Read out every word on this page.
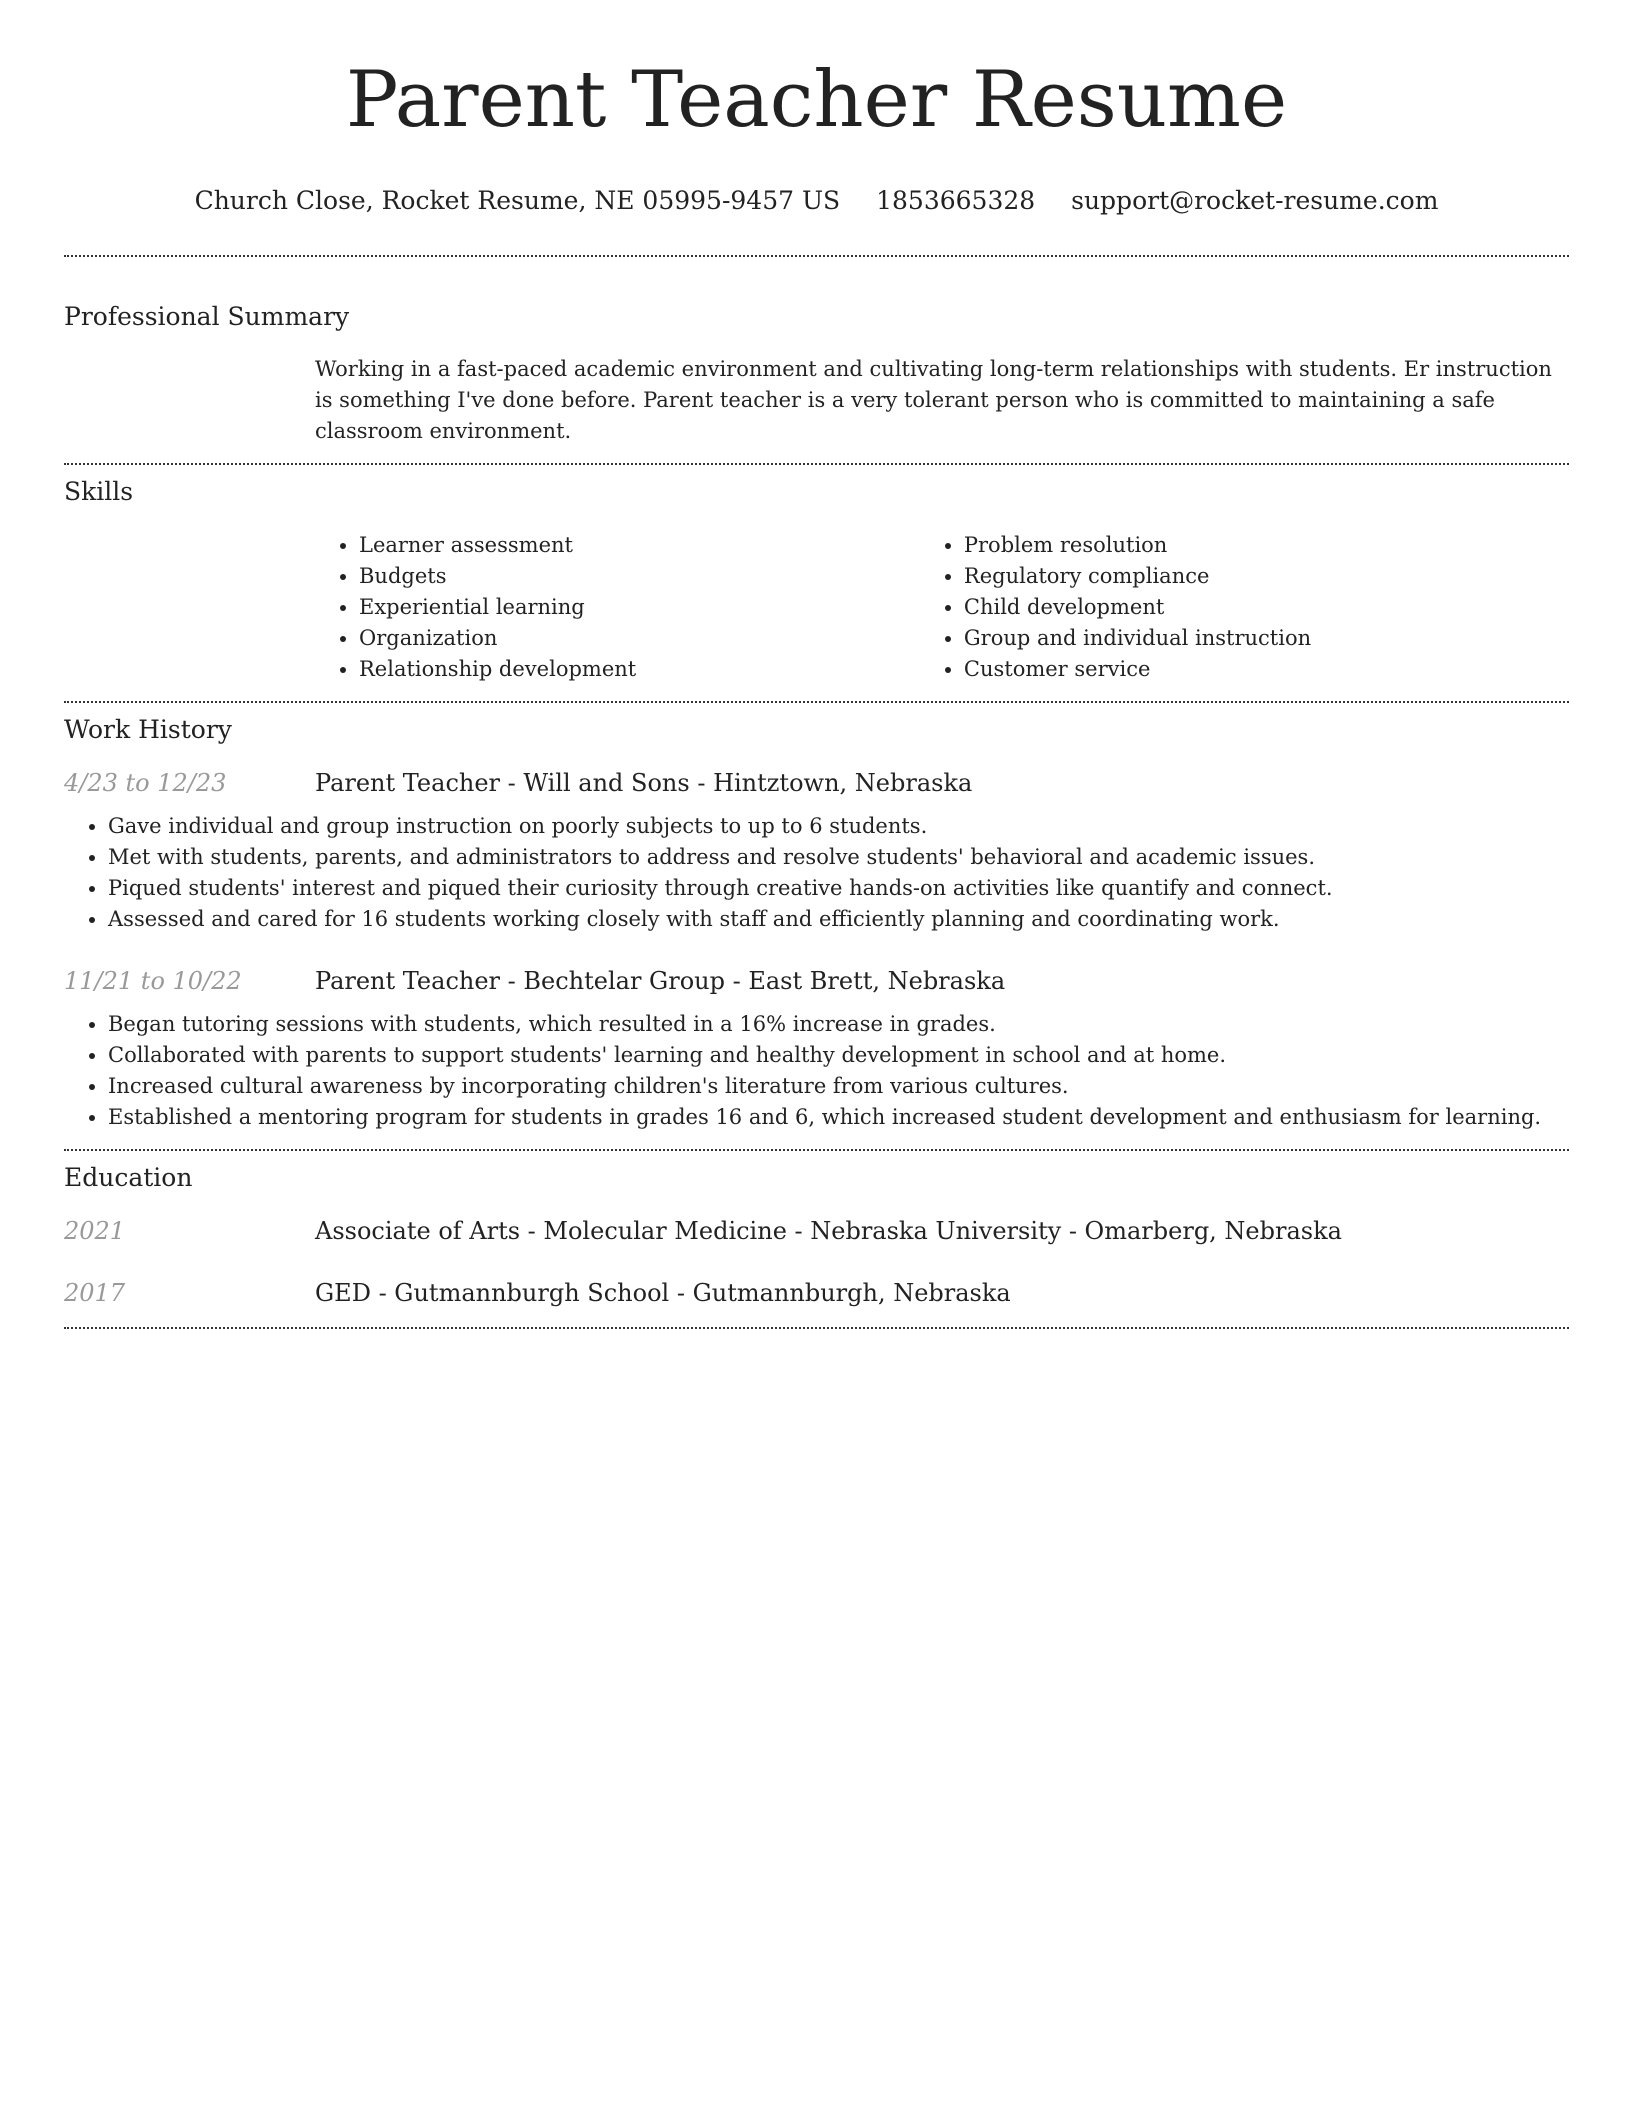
Parent Teacher Resume
Church Close, Rocket Resume, NE 05995-9457 US 1853665328 support@rocket-resume.com
Professional Summary
Working in a fast-paced academic environment and cultivating long-term relationships with students. Er instruction is something I've done before. Parent teacher is a very tolerant person who is committed to maintaining a safe classroom environment.
Skills
• Learner assessment
• Budgets
• Experiential learning
• Organization
• Relationship development
• Problem resolution
• Regulatory compliance
• Child development
• Group and individual instruction
• Customer service
Work History
4/23 to 12/23	Parent Teacher - Will and Sons - Hintztown, Nebraska
• Gave individual and group instruction on poorly subjects to up to 6 students.
• Met with students, parents, and administrators to address and resolve students' behavioral and academic issues.
• Piqued students' interest and piqued their curiosity through creative hands-on activities like quantify and connect.
• Assessed and cared for 16 students working closely with staff and efficiently planning and coordinating work.
11/21 to 10/22	Parent Teacher - Bechtelar Group - East Brett, Nebraska
• Began tutoring sessions with students, which resulted in a 16% increase in grades.
• Collaborated with parents to support students' learning and healthy development in school and at home.
• Increased cultural awareness by incorporating children's literature from various cultures.
• Established a mentoring program for students in grades 16 and 6, which increased student development and enthusiasm for learning.
Education
2021	Associate of Arts - Molecular Medicine - Nebraska University - Omarberg, Nebraska
2017	GED - Gutmannburgh School - Gutmannburgh, Nebraska
